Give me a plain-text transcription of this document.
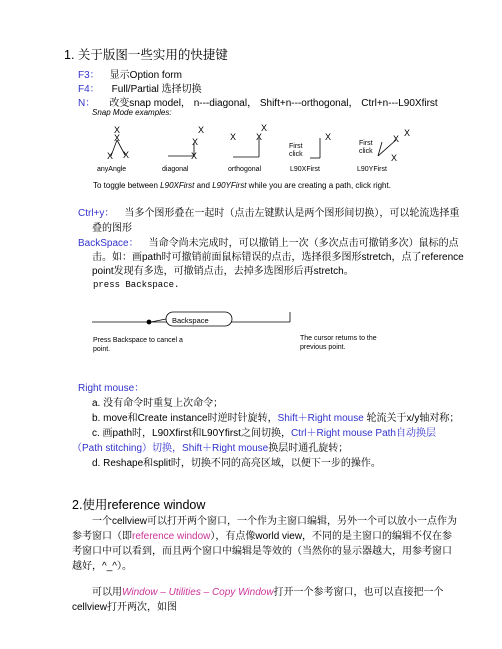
1. 关于版图一些实用的快捷键
F3： 显示Option form
F4： Full/Partial 选择切换
N： 改变snap model， n---diagonal， Shift+n---orthogonal， Ctrl+n---L90Xfirst
Snap Mode examples:
X
X
X X
X
X
X
X
X X	X	X
X
X
anyAngle	diagonal	orthogonal	L90XFirst	L90YFirst
First
click
First
click
To toggle between L90XFirst and L90YFirst while you are creating a path, click right.
Ctrl+y： 当多个图形叠在一起时（点击左键默认是两个图形间切换），可以轮流选择重
叠的图形
BackSpace： 当命令尚未完成时，可以撤销上一次（多次点击可撤销多次）鼠标的点
击。如：画path时可撤销前面鼠标错误的点击，选择很多图形stretch，点了reference
point发现有多选，可撤销点击，去掉多选图形后再stretch。
press Backspace.
Backspace
Press Backspace to cancel a
point.
The cursor returns to the
previous point.
Right mouse：
a. 没有命令时重复上次命令；
b. move和Create instance时逆时针旋转，Shift＋Right mouse 轮流关于x/y轴对称；
c. 画path时，L90Xfirst和L90Yfirst之间切换，Ctrl＋Right mouse Path自动换层
（Path stitching）切换，Shift＋Right mouse换层时通孔旋转；
d. Reshape和split时，切换不同的高亮区域，以便下一步的操作。
2.使用reference window
一个cellview可以打开两个窗口，一个作为主窗口编辑，另外一个可以放小一点作为
参考窗口（即reference window），有点像world view，不同的是主窗口的编辑不仅在参
考窗口中可以看到，而且两个窗口中编辑是等效的（当然你的显示器越大，用参考窗口
越好，^_^）。
可以用Window – Utilities – Copy Window打开一个参考窗口，也可以直接把一个
cellview打开两次，如图
